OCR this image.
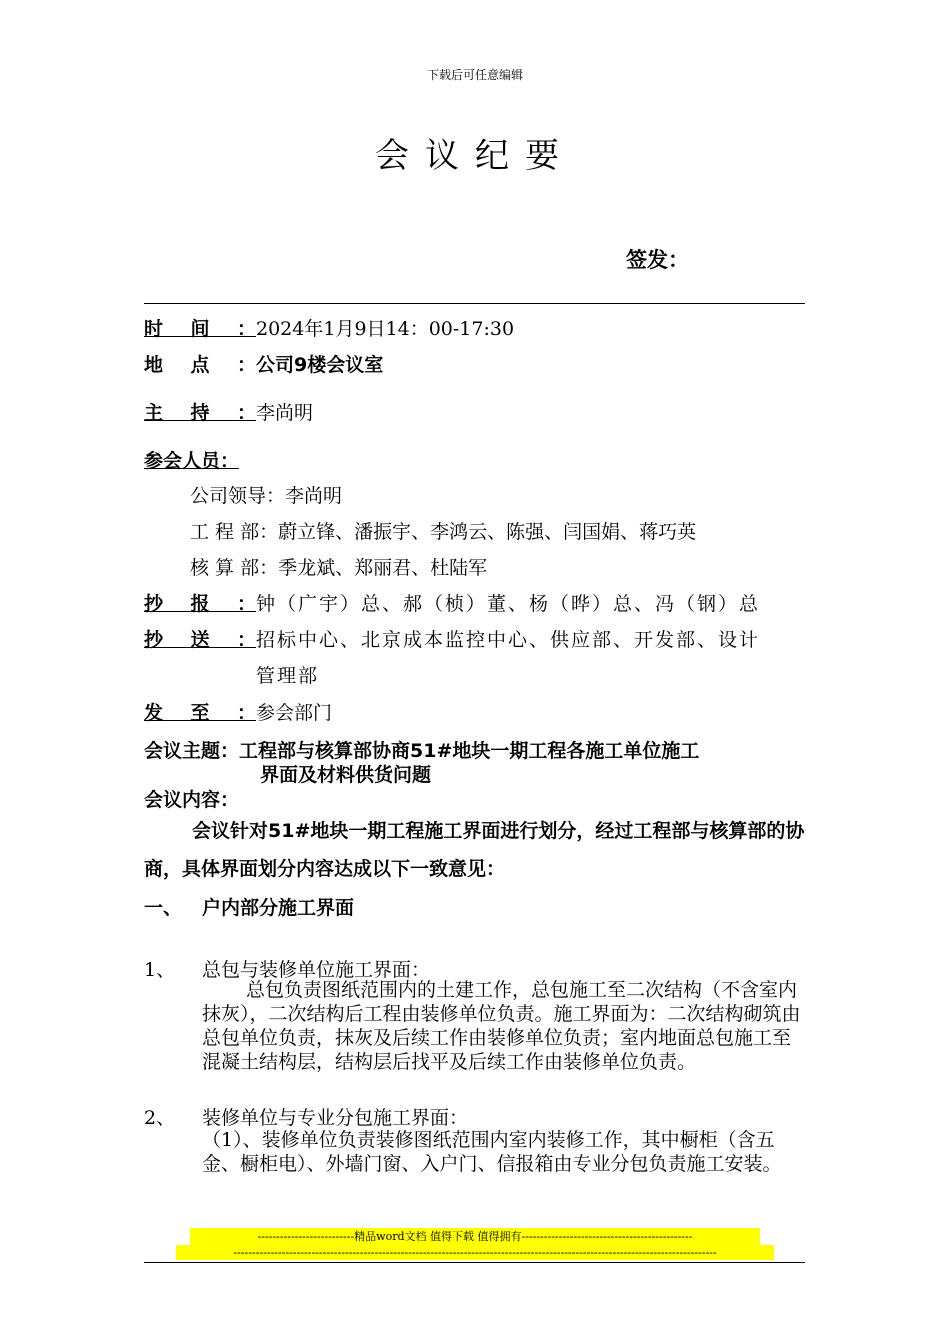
下载后可任意编辑
会议纪要
签发：
时间：2024年1月9日14：00-17:30
地点：公司9楼会议室
主持：李尚明
参会人员：
公司领导：李尚明
工 程 部：蔚立锋、潘振宇、李鸿云、陈强、闫国娟、蒋巧英
核 算 部：季龙斌、郑丽君、杜陆军
抄报：钟（广宇）总、郝（桢）董、杨（晔）总、冯（钢）总
抄送：招标中心、北京成本监控中心、供应部、开发部、设计
管理部
发至：参会部门
会议主题：工程部与核算部协商51#地块一期工程各施工单位施工
界面及材料供货问题
会议内容：
会议针对51#地块一期工程施工界面进行划分，经过工程部与核算部的协商，具体界面划分内容达成以下一致意见：
一、 户内部分施工界面
1、 总包与装修单位施工界面：
总包负责图纸范围内的土建工作，总包施工至二次结构（不含室内抹灰），二次结构后工程由装修单位负责。施工界面为：二次结构砌筑由总包单位负责，抹灰及后续工作由装修单位负责；室内地面总包施工至混凝土结构层，结构层后找平及后续工作由装修单位负责。
2、 装修单位与专业分包施工界面：
（1）、装修单位负责装修图纸范围内室内装修工作，其中橱柜（含五金、橱柜电）、外墙门窗、入户门、信报箱由专业分包负责施工安装。
--------------------------精品word文档 值得下载 值得拥有----------------------------------------------
----------------------------------------------------------------------------------------------------------------------------------
